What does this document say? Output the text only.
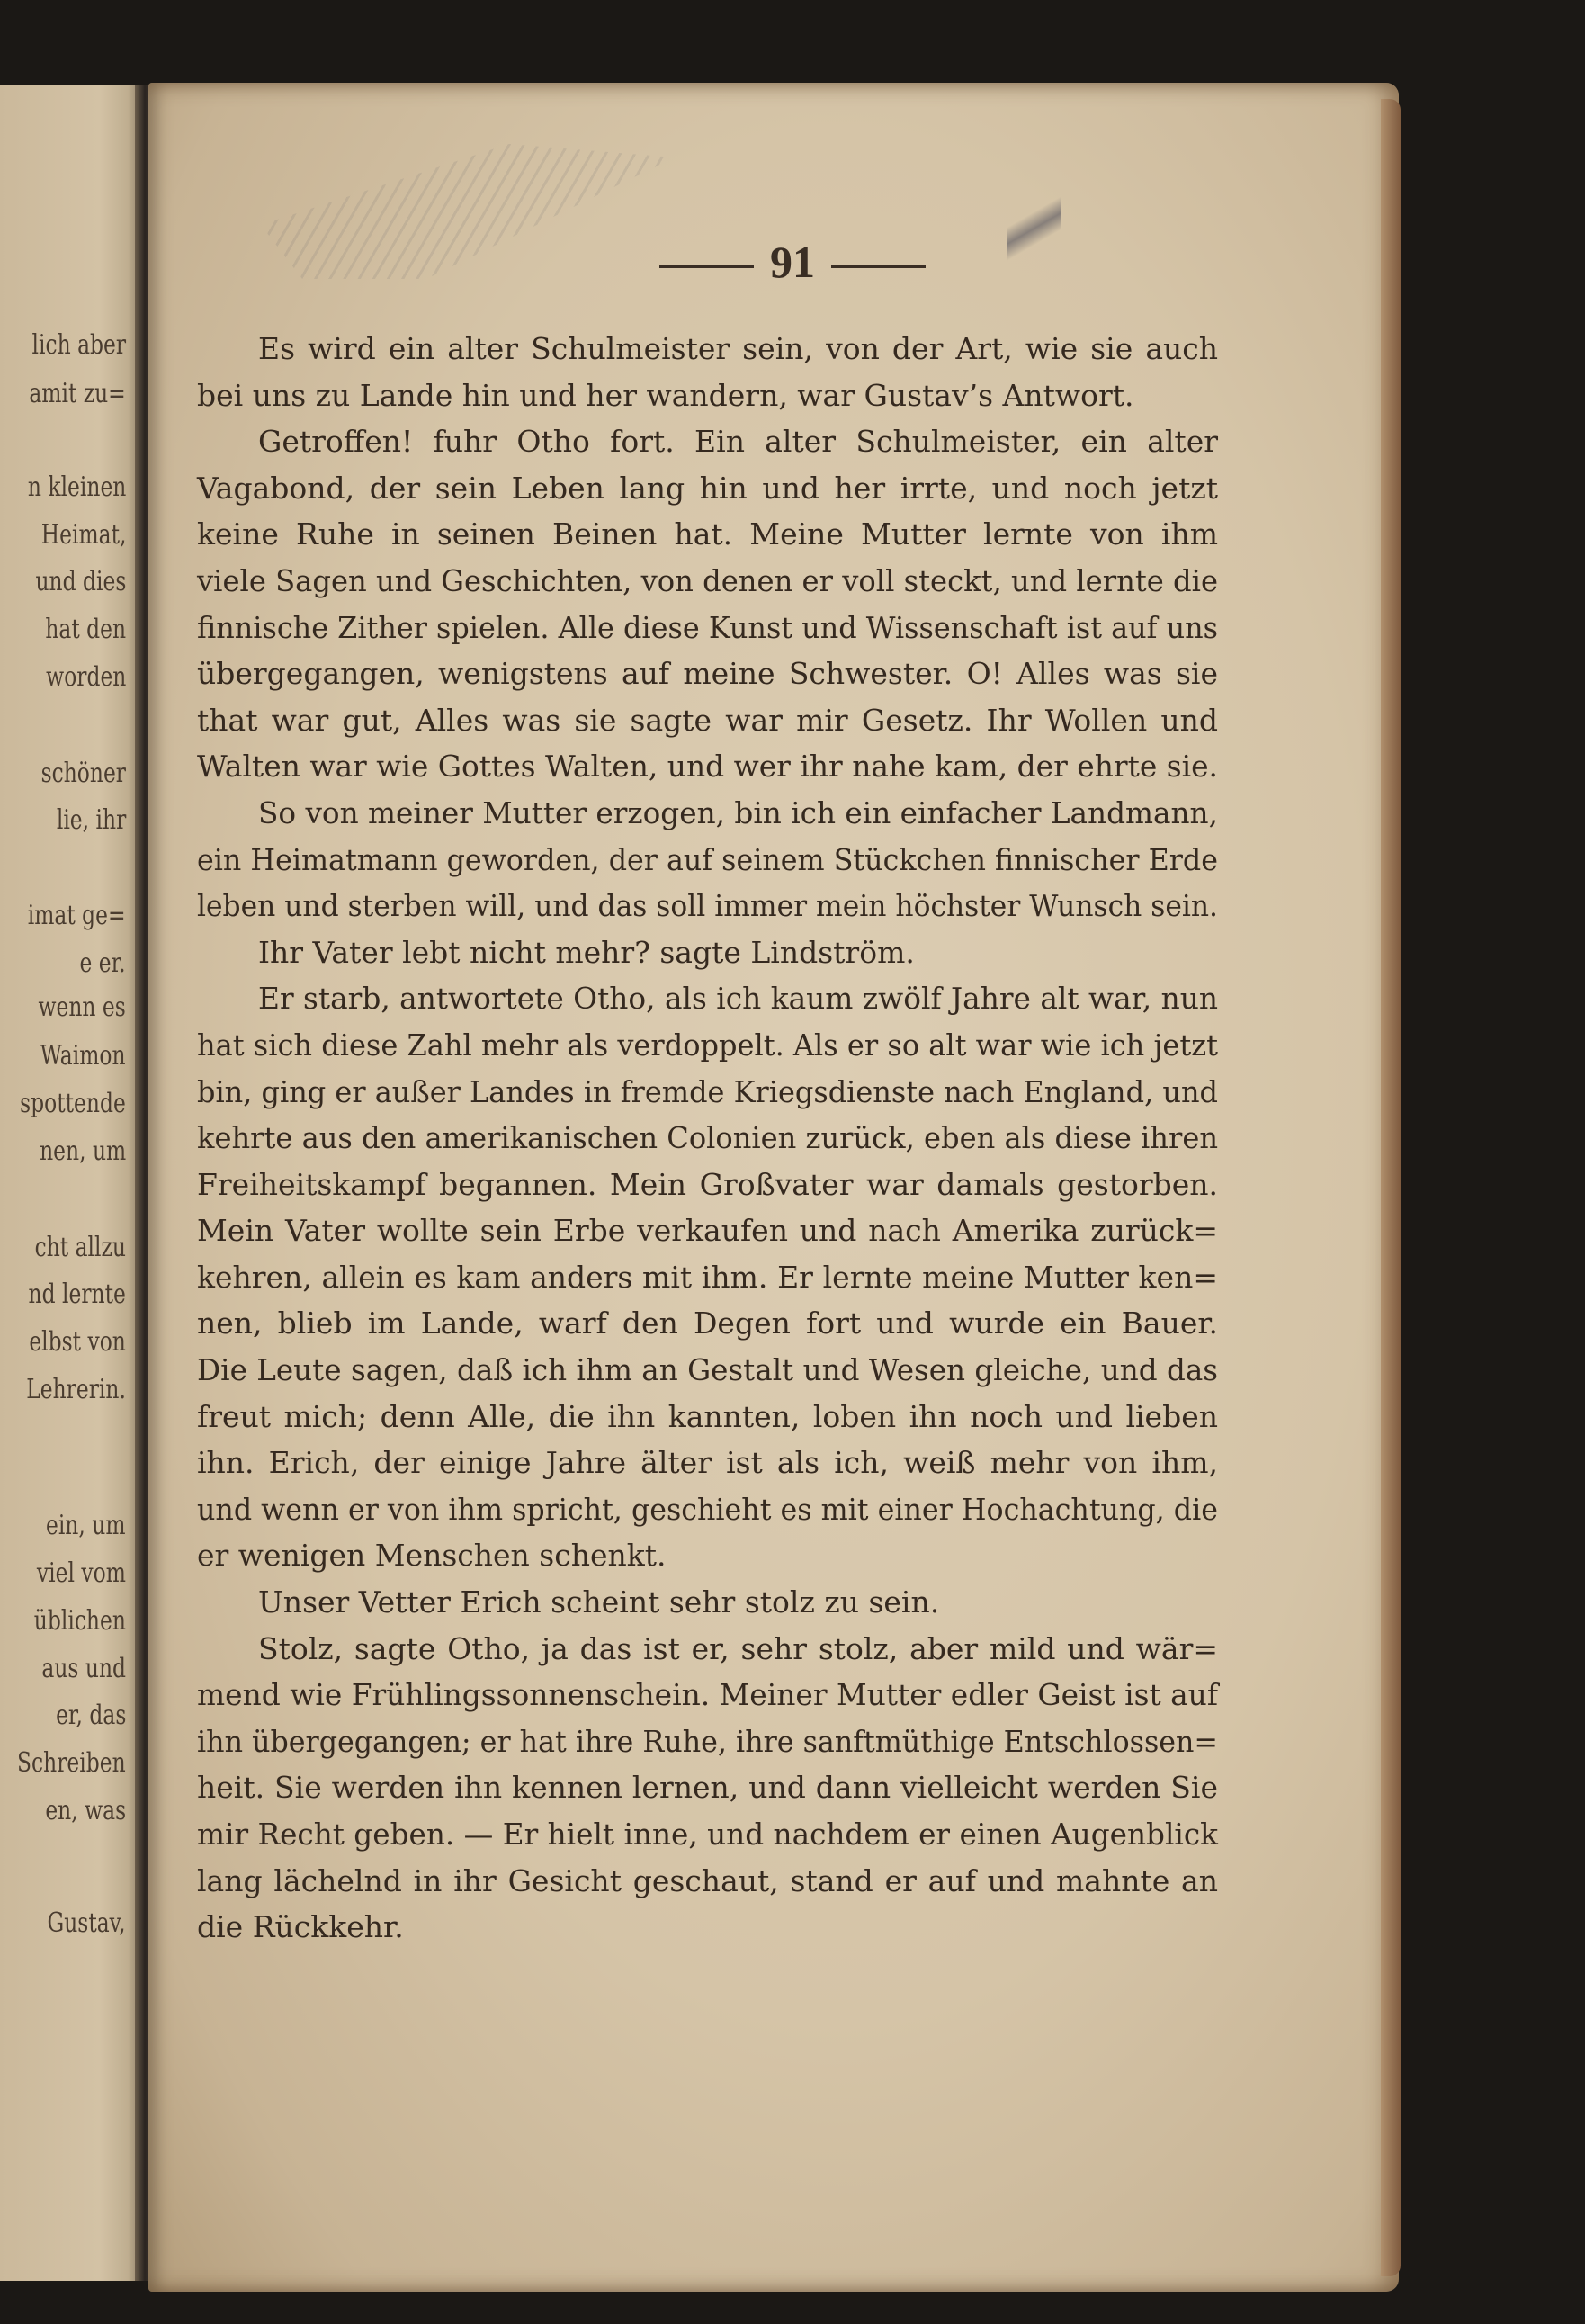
lich aber
amit zu=
n kleinen
Heimat,
und dies
hat den
worden
schöner
lie, ihr
imat ge=
e er.
wenn es
Waimon
spottende
nen, um
cht allzu
nd lernte
elbst von
Lehrerin.
ein, um
viel vom
üblichen
aus und
er, das
Schreiben
en, was
Gustav,
91
Es wird ein alter Schulmeister sein, von der Art, wie sie auch
bei uns zu Lande hin und her wandern, war Gustav’s Antwort.
Getroffen! fuhr Otho fort. Ein alter Schulmeister, ein alter
Vagabond, der sein Leben lang hin und her irrte, und noch jetzt
keine Ruhe in seinen Beinen hat. Meine Mutter lernte von ihm
viele Sagen und Geschichten, von denen er voll steckt, und lernte die
finnische Zither spielen. Alle diese Kunst und Wissenschaft ist auf uns
übergegangen, wenigstens auf meine Schwester. O! Alles was sie
that war gut, Alles was sie sagte war mir Gesetz. Ihr Wollen und
Walten war wie Gottes Walten, und wer ihr nahe kam, der ehrte sie.
So von meiner Mutter erzogen, bin ich ein einfacher Landmann,
ein Heimatmann geworden, der auf seinem Stückchen finnischer Erde
leben und sterben will, und das soll immer mein höchster Wunsch sein.
Ihr Vater lebt nicht mehr? sagte Lindström.
Er starb, antwortete Otho, als ich kaum zwölf Jahre alt war, nun
hat sich diese Zahl mehr als verdoppelt. Als er so alt war wie ich jetzt
bin, ging er außer Landes in fremde Kriegsdienste nach England, und
kehrte aus den amerikanischen Colonien zurück, eben als diese ihren
Freiheitskampf begannen. Mein Großvater war damals gestorben.
Mein Vater wollte sein Erbe verkaufen und nach Amerika zurück=
kehren, allein es kam anders mit ihm. Er lernte meine Mutter ken=
nen, blieb im Lande, warf den Degen fort und wurde ein Bauer.
Die Leute sagen, daß ich ihm an Gestalt und Wesen gleiche, und das
freut mich; denn Alle, die ihn kannten, loben ihn noch und lieben
ihn. Erich, der einige Jahre älter ist als ich, weiß mehr von ihm,
und wenn er von ihm spricht, geschieht es mit einer Hochachtung, die
er wenigen Menschen schenkt.
Unser Vetter Erich scheint sehr stolz zu sein.
Stolz, sagte Otho, ja das ist er, sehr stolz, aber mild und wär=
mend wie Frühlingssonnenschein. Meiner Mutter edler Geist ist auf
ihn übergegangen; er hat ihre Ruhe, ihre sanftmüthige Entschlossen=
heit. Sie werden ihn kennen lernen, und dann vielleicht werden Sie
mir Recht geben. — Er hielt inne, und nachdem er einen Augenblick
lang lächelnd in ihr Gesicht geschaut, stand er auf und mahnte an
die Rückkehr.
